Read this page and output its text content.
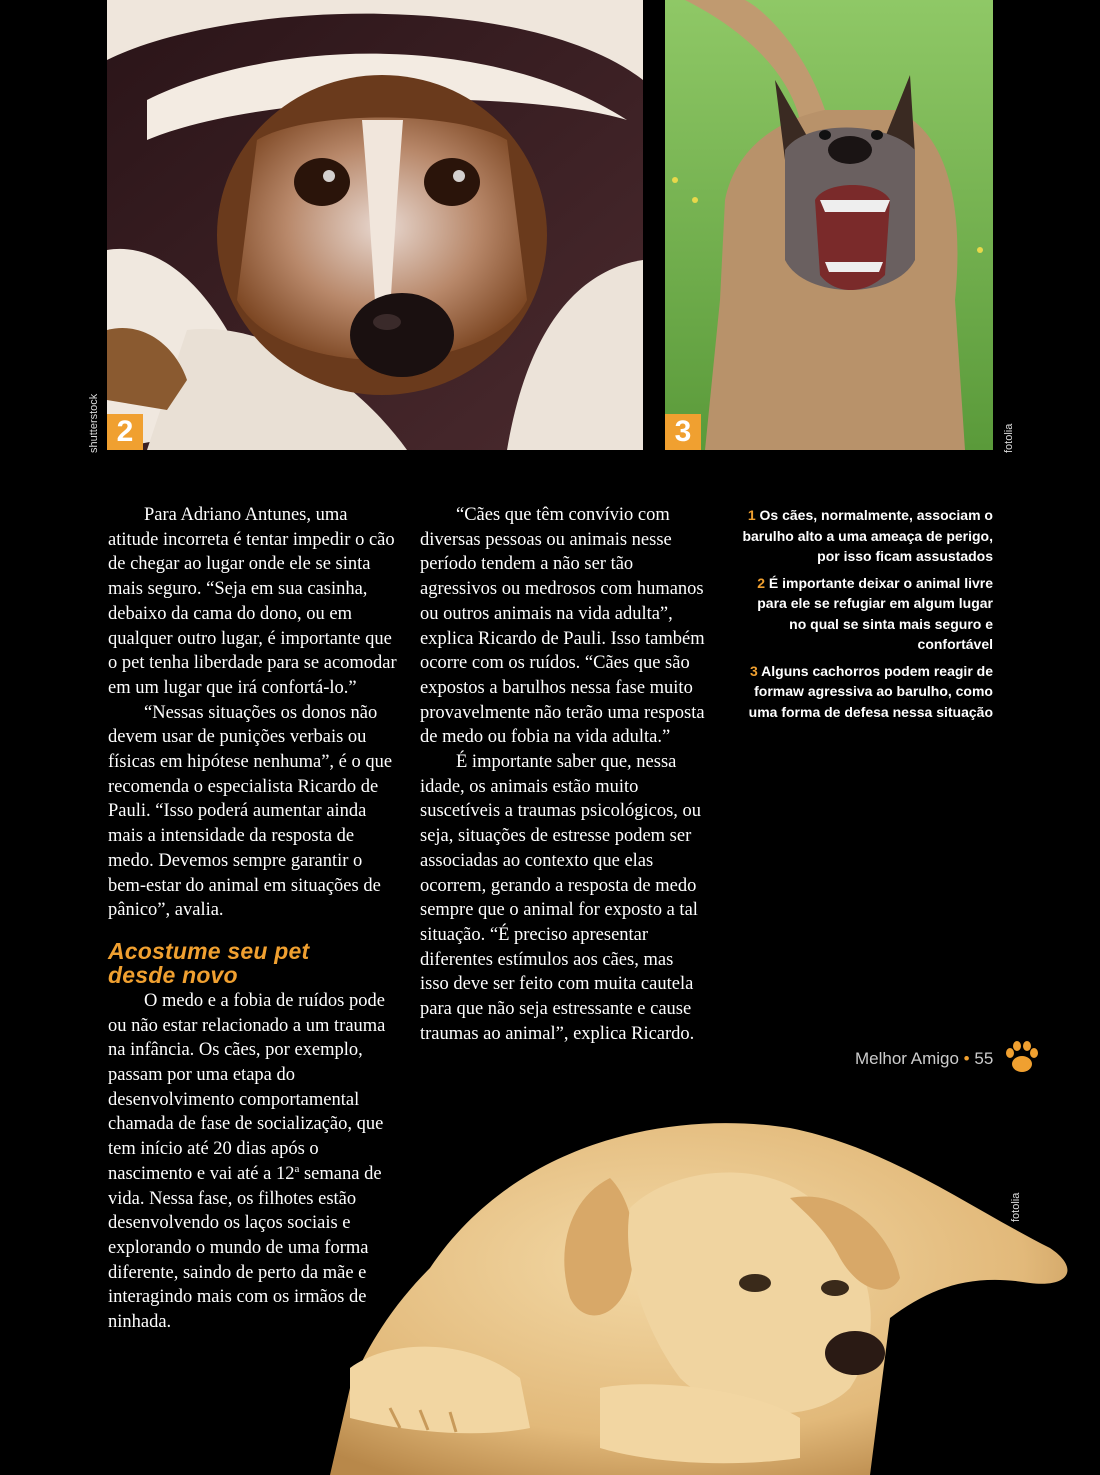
2
shutterstock	3	fotolia
fotolia

Para Adriano Antunes, uma atitude incorreta é tentar impedir o cão de chegar ao lugar onde ele se sinta mais seguro. “Seja em sua casinha, debaixo da cama do dono, ou em qualquer outro lugar, é importante que o pet tenha liberdade para se acomodar em um lugar que irá confortá-lo.”

“Nessas situações os donos não devem usar de punições verbais ou físicas em hipótese nenhuma”, é o que recomenda o especialista Ricardo de Pauli. “Isso poderá aumentar ainda mais a intensidade da resposta de medo. Devemos sempre garantir o bem-estar do animal em situações de pânico”, avalia.

Acostume seu pet
desde novo

O medo e a fobia de ruídos pode ou não estar relacionado a um trauma na infância. Os cães, por exemplo, passam por uma etapa do desenvolvimento comportamental chamada de fase de socialização, que tem início até 20 dias após o nascimento e vai até a 12$^a$ semana de vida. Nessa fase, os filhotes estão desenvolvendo os laços sociais e explorando o mundo de uma forma diferente, saindo de perto da mãe e interagindo mais com os irmãos de ninhada.

“Cães que têm convívio com diversas pessoas ou animais nesse período tendem a não ser tão agressivos ou medrosos com humanos ou outros animais na vida adulta”, explica Ricardo de Pauli. Isso também ocorre com os ruídos. “Cães que são expostos a barulhos nessa fase muito provavelmente não terão uma resposta de medo ou fobia na vida adulta.”

É importante saber que, nessa idade, os animais estão muito suscetíveis a traumas psicológicos, ou seja, situações de estresse podem ser associadas ao contexto que elas ocorrem, gerando a resposta de medo sempre que o animal for exposto a tal situação. “É preciso apresentar diferentes estímulos aos cães, mas isso deve ser feito com muita cautela para que não seja estressante e cause traumas ao animal”, explica Ricardo.

1 Os cães, normalmente, associam o barulho alto a uma ameaça de perigo, por isso ficam assustados
2 É importante deixar o animal livre para ele se refugiar em algum lugar no qual se sinta mais seguro e confortável
3 Alguns cachorros podem reagir de formaw agressiva ao barulho, como uma forma de defesa nessa situação
Melhor Amigo • 55
